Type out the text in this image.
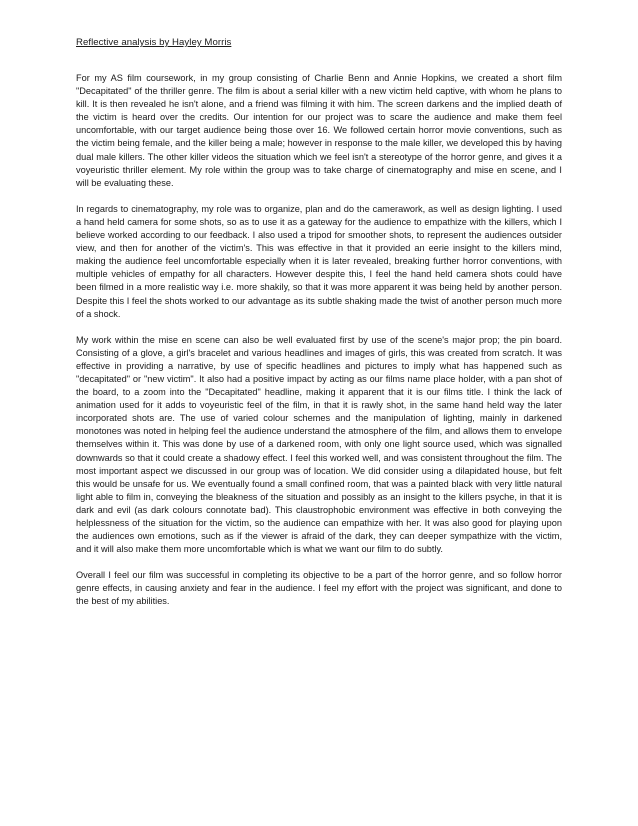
Reflective analysis by Hayley Morris

For my AS film coursework, in my group consisting of Charlie Benn and Annie Hopkins, we created a short film "Decapitated" of the thriller genre. The film is about a serial killer with a new victim held captive, with whom he plans to kill. It is then revealed he isn't alone, and a friend was filming it with him. The screen darkens and the implied death of the victim is heard over the credits. Our intention for our project was to scare the audience and make them feel uncomfortable, with our target audience being those over 16. We followed certain horror movie conventions, such as the victim being female, and the killer being a male; however in response to the male killer, we developed this by having dual male killers. The other killer videos the situation which we feel isn't a stereotype of the horror genre, and gives it a voyeuristic thriller element. My role within the group was to take charge of cinematography and mise en scene, and I will be evaluating these.

In regards to cinematography, my role was to organize, plan and do the camerawork, as well as design lighting. I used a hand held camera for some shots, so as to use it as a gateway for the audience to empathize with the killers, which I believe worked according to our feedback. I also used a tripod for smoother shots, to represent the audiences outsider view, and then for another of the victim's. This was effective in that it provided an eerie insight to the killers mind, making the audience feel uncomfortable especially when it is later revealed, breaking further horror conventions, with multiple vehicles of empathy for all characters. However despite this, I feel the hand held camera shots could have been filmed in a more realistic way i.e. more shakily, so that it was more apparent it was being held by another person. Despite this I feel the shots worked to our advantage as its subtle shaking made the twist of another person much more of a shock.

My work within the mise en scene can also be well evaluated first by use of the scene's major prop; the pin board. Consisting of a glove, a girl's bracelet and various headlines and images of girls, this was created from scratch. It was effective in providing a narrative, by use of specific headlines and pictures to imply what has happened such as "decapitated" or "new victim". It also had a positive impact by acting as our films name place holder, with a pan shot of the board, to a zoom into the "Decapitated" headline, making it apparent that it is our films title. I think the lack of animation used for it adds to voyeuristic feel of the film, in that it is rawly shot, in the same hand held way the later incorporated shots are. The use of varied colour schemes and the manipulation of lighting, mainly in darkened monotones was noted in helping feel the audience understand the atmosphere of the film, and allows them to envelope themselves within it. This was done by use of a darkened room, with only one light source used, which was signalled downwards so that it could create a shadowy effect. I feel this worked well, and was consistent throughout the film. The most important aspect we discussed in our group was of location. We did consider using a dilapidated house, but felt this would be unsafe for us. We eventually found a small confined room, that was a painted black with very little natural light able to film in, conveying the bleakness of the situation and possibly as an insight to the killers psyche, in that it is dark and evil (as dark colours connotate bad). This claustrophobic environment was effective in both conveying the helplessness of the situation for the victim, so the audience can empathize with her. It was also good for playing upon the audiences own emotions, such as if the viewer is afraid of the dark, they can deeper sympathize with the victim, and it will also make them more uncomfortable which is what we want our film to do subtly.

Overall I feel our film was successful in completing its objective to be a part of the horror genre, and so follow horror genre effects, in causing anxiety and fear in the audience. I feel my effort with the project was significant, and done to the best of my abilities.
